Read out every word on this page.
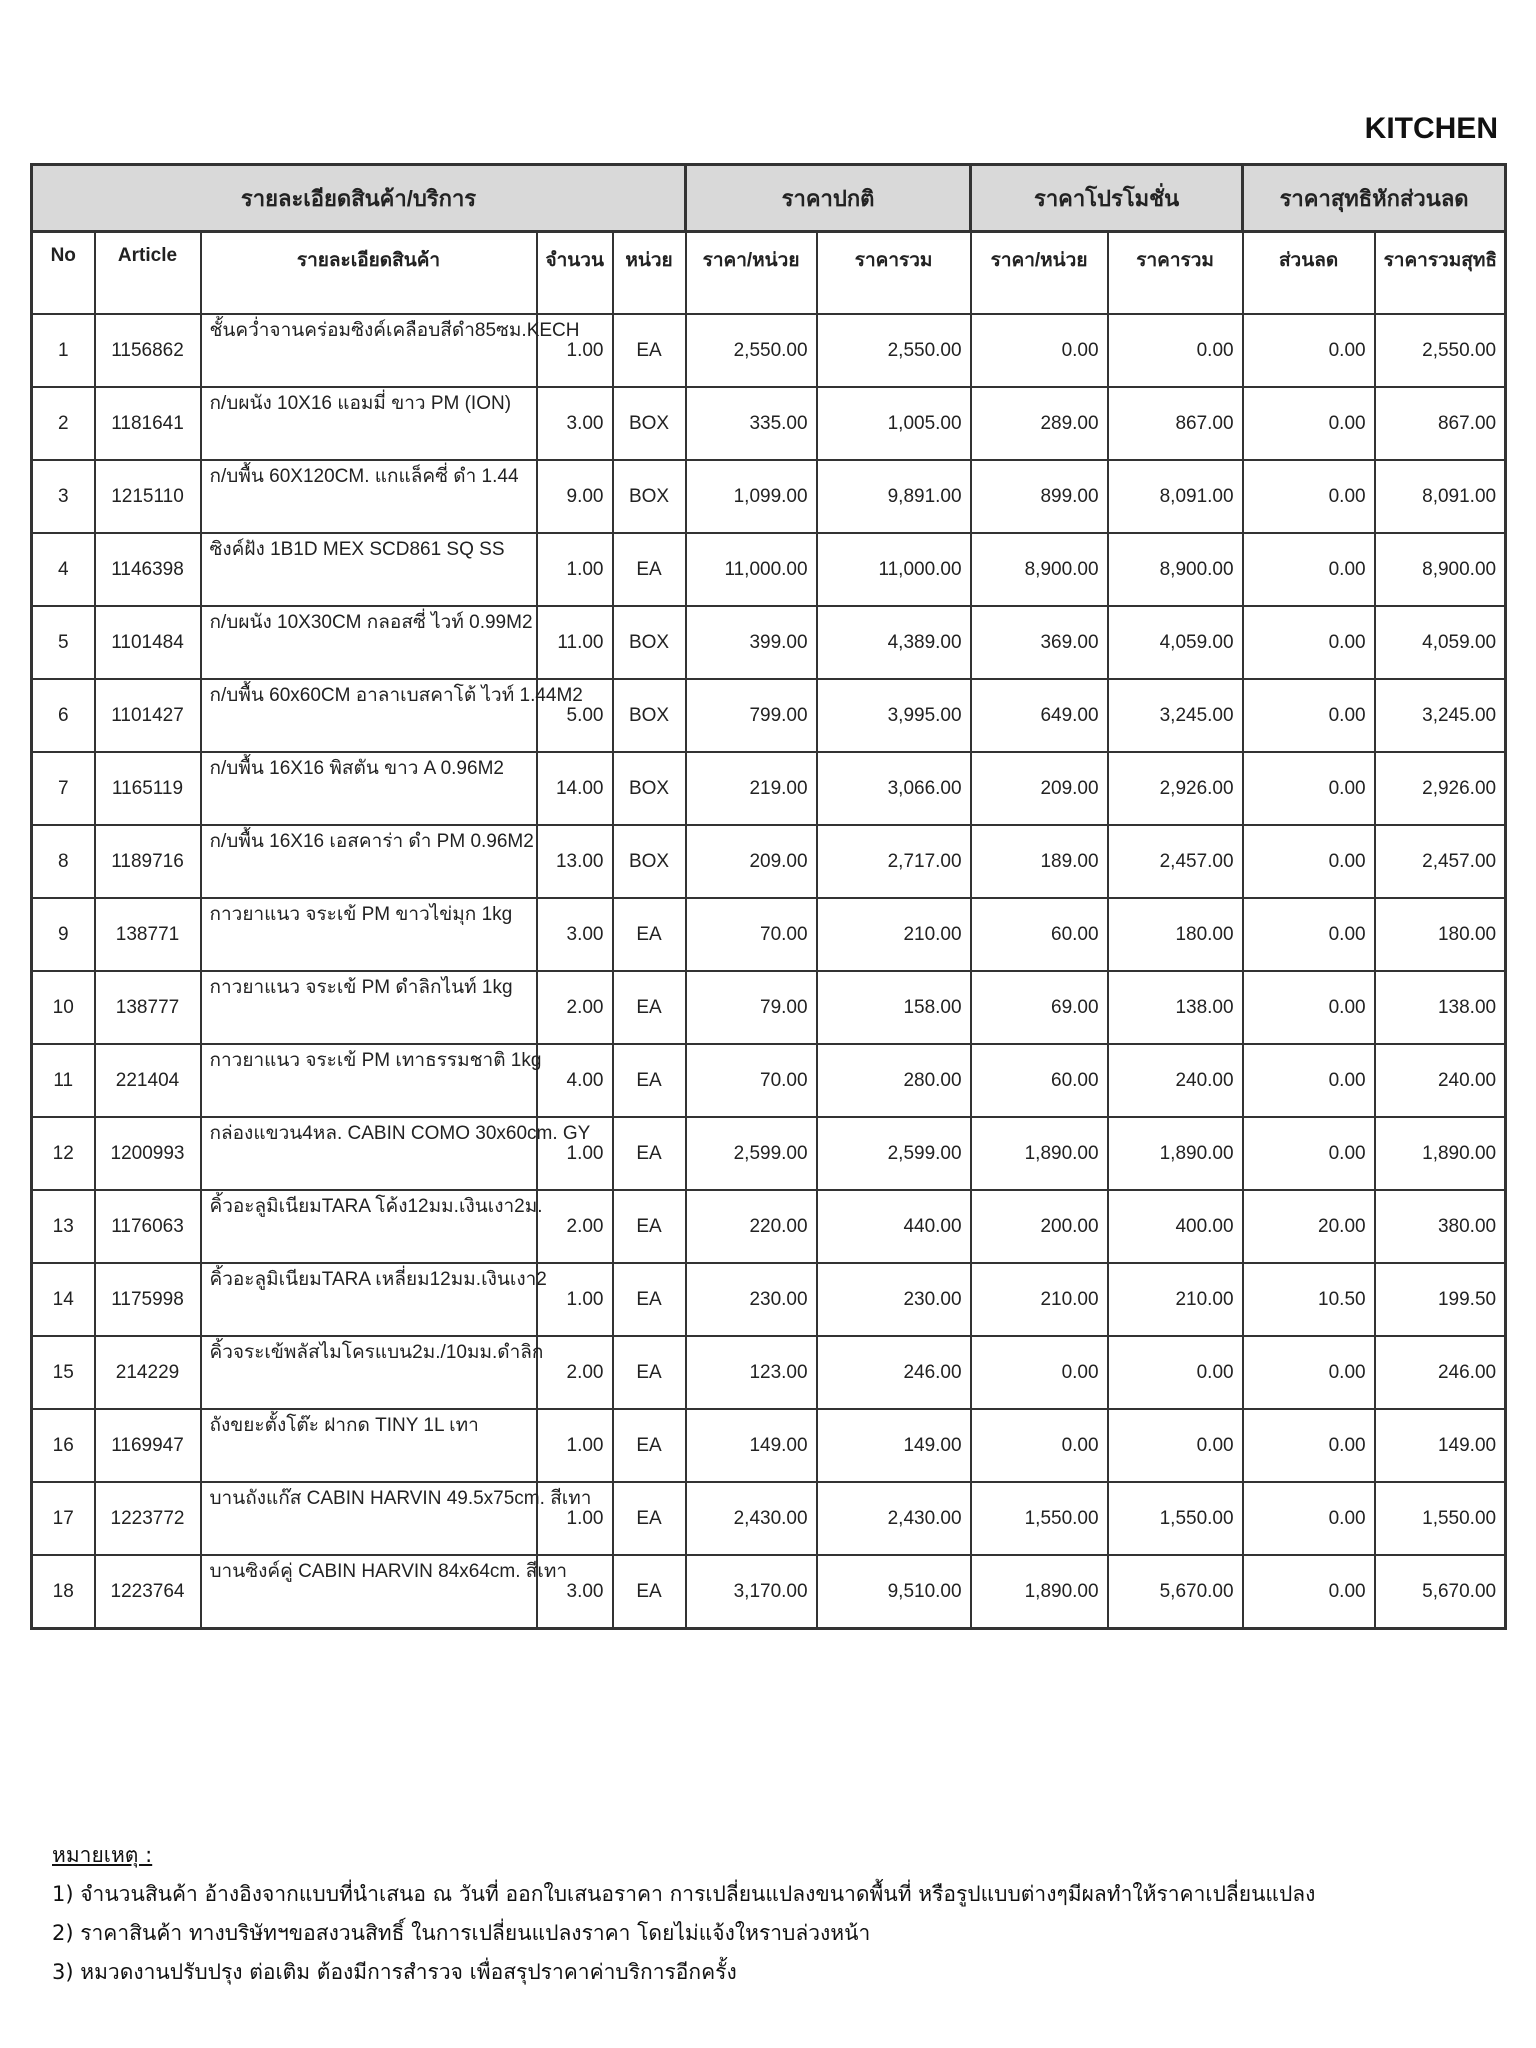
KITCHEN
รายละเอียดสินค้า/บริการ					ราคาปกติ		ราคาโปรโมชั่น		ราคาสุทธิหักส่วนลด	
No	Article	รายละเอียดสินค้า	จำนวน	หน่วย	ราคา/หน่วย	ราคารวม	ราคา/หน่วย	ราคารวม	ส่วนลด	ราคารวมสุทธิ
1	1156862	ชั้นคว่ำจานคร่อมซิงค์เคลือบสีดำ85ซม.KECH	1.00	EA	2,550.00	2,550.00	0.00	0.00	0.00	2,550.00
2	1181641	ก/บผนัง 10X16 แอมมี่ ขาว PM (ION)	3.00	BOX	335.00	1,005.00	289.00	867.00	0.00	867.00
3	1215110	ก/บพื้น 60X120CM. แกแล็คซี่ ดำ 1.44	9.00	BOX	1,099.00	9,891.00	899.00	8,091.00	0.00	8,091.00
4	1146398	ซิงค์ฝัง 1B1D MEX SCD861 SQ SS	1.00	EA	11,000.00	11,000.00	8,900.00	8,900.00	0.00	8,900.00
5	1101484	ก/บผนัง 10X30CM กลอสซี่ ไวท์ 0.99M2	11.00	BOX	399.00	4,389.00	369.00	4,059.00	0.00	4,059.00
6	1101427	ก/บพื้น 60x60CM อาลาเบสคาโต้ ไวท์ 1.44M2	5.00	BOX	799.00	3,995.00	649.00	3,245.00	0.00	3,245.00
7	1165119	ก/บพื้น 16X16 พิสตัน ขาว A 0.96M2	14.00	BOX	219.00	3,066.00	209.00	2,926.00	0.00	2,926.00
8	1189716	ก/บพื้น 16X16 เอสคาร่า ดำ PM 0.96M2	13.00	BOX	209.00	2,717.00	189.00	2,457.00	0.00	2,457.00
9	138771	กาวยาแนว จระเข้ PM ขาวไข่มุก 1kg	3.00	EA	70.00	210.00	60.00	180.00	0.00	180.00
10	138777	กาวยาแนว จระเข้ PM ดำลิกไนท์ 1kg	2.00	EA	79.00	158.00	69.00	138.00	0.00	138.00
11	221404	กาวยาแนว จระเข้ PM เทาธรรมชาติ 1kg	4.00	EA	70.00	280.00	60.00	240.00	0.00	240.00
12	1200993	กล่องแขวน4หล. CABIN COMO 30x60cm. GY	1.00	EA	2,599.00	2,599.00	1,890.00	1,890.00	0.00	1,890.00
13	1176063	คิ้วอะลูมิเนียมTARA โค้ง12มม.เงินเงา2ม.	2.00	EA	220.00	440.00	200.00	400.00	20.00	380.00
14	1175998	คิ้วอะลูมิเนียมTARA เหลี่ยม12มม.เงินเงา2	1.00	EA	230.00	230.00	210.00	210.00	10.50	199.50
15	214229	คิ้วจระเข้พลัสไมโครแบน2ม./10มม.ดำลิก	2.00	EA	123.00	246.00	0.00	0.00	0.00	246.00
16	1169947	ถังขยะตั้งโต๊ะ ฝากด TINY 1L เทา	1.00	EA	149.00	149.00	0.00	0.00	0.00	149.00
17	1223772	บานถังแก๊ส CABIN HARVIN 49.5x75cm. สีเทา	1.00	EA	2,430.00	2,430.00	1,550.00	1,550.00	0.00	1,550.00
18	1223764	บานซิงค์คู่ CABIN HARVIN 84x64cm. สีเทา	3.00	EA	3,170.00	9,510.00	1,890.00	5,670.00	0.00	5,670.00
หมายเหตุ :
1) จำนวนสินค้า อ้างอิงจากแบบที่นำเสนอ ณ วันที่ ออกใบเสนอราคา การเปลี่ยนแปลงขนาดพื้นที่ หรือรูปแบบต่างๆมีผลทำให้ราคาเปลี่ยนแปลง
2) ราคาสินค้า ทางบริษัทฯขอสงวนสิทธิ์ ในการเปลี่ยนแปลงราคา โดยไม่แจ้งใหราบล่วงหน้า
3) หมวดงานปรับปรุง ต่อเติม ต้องมีการสำรวจ เพื่อสรุปราคาค่าบริการอีกครั้ง
